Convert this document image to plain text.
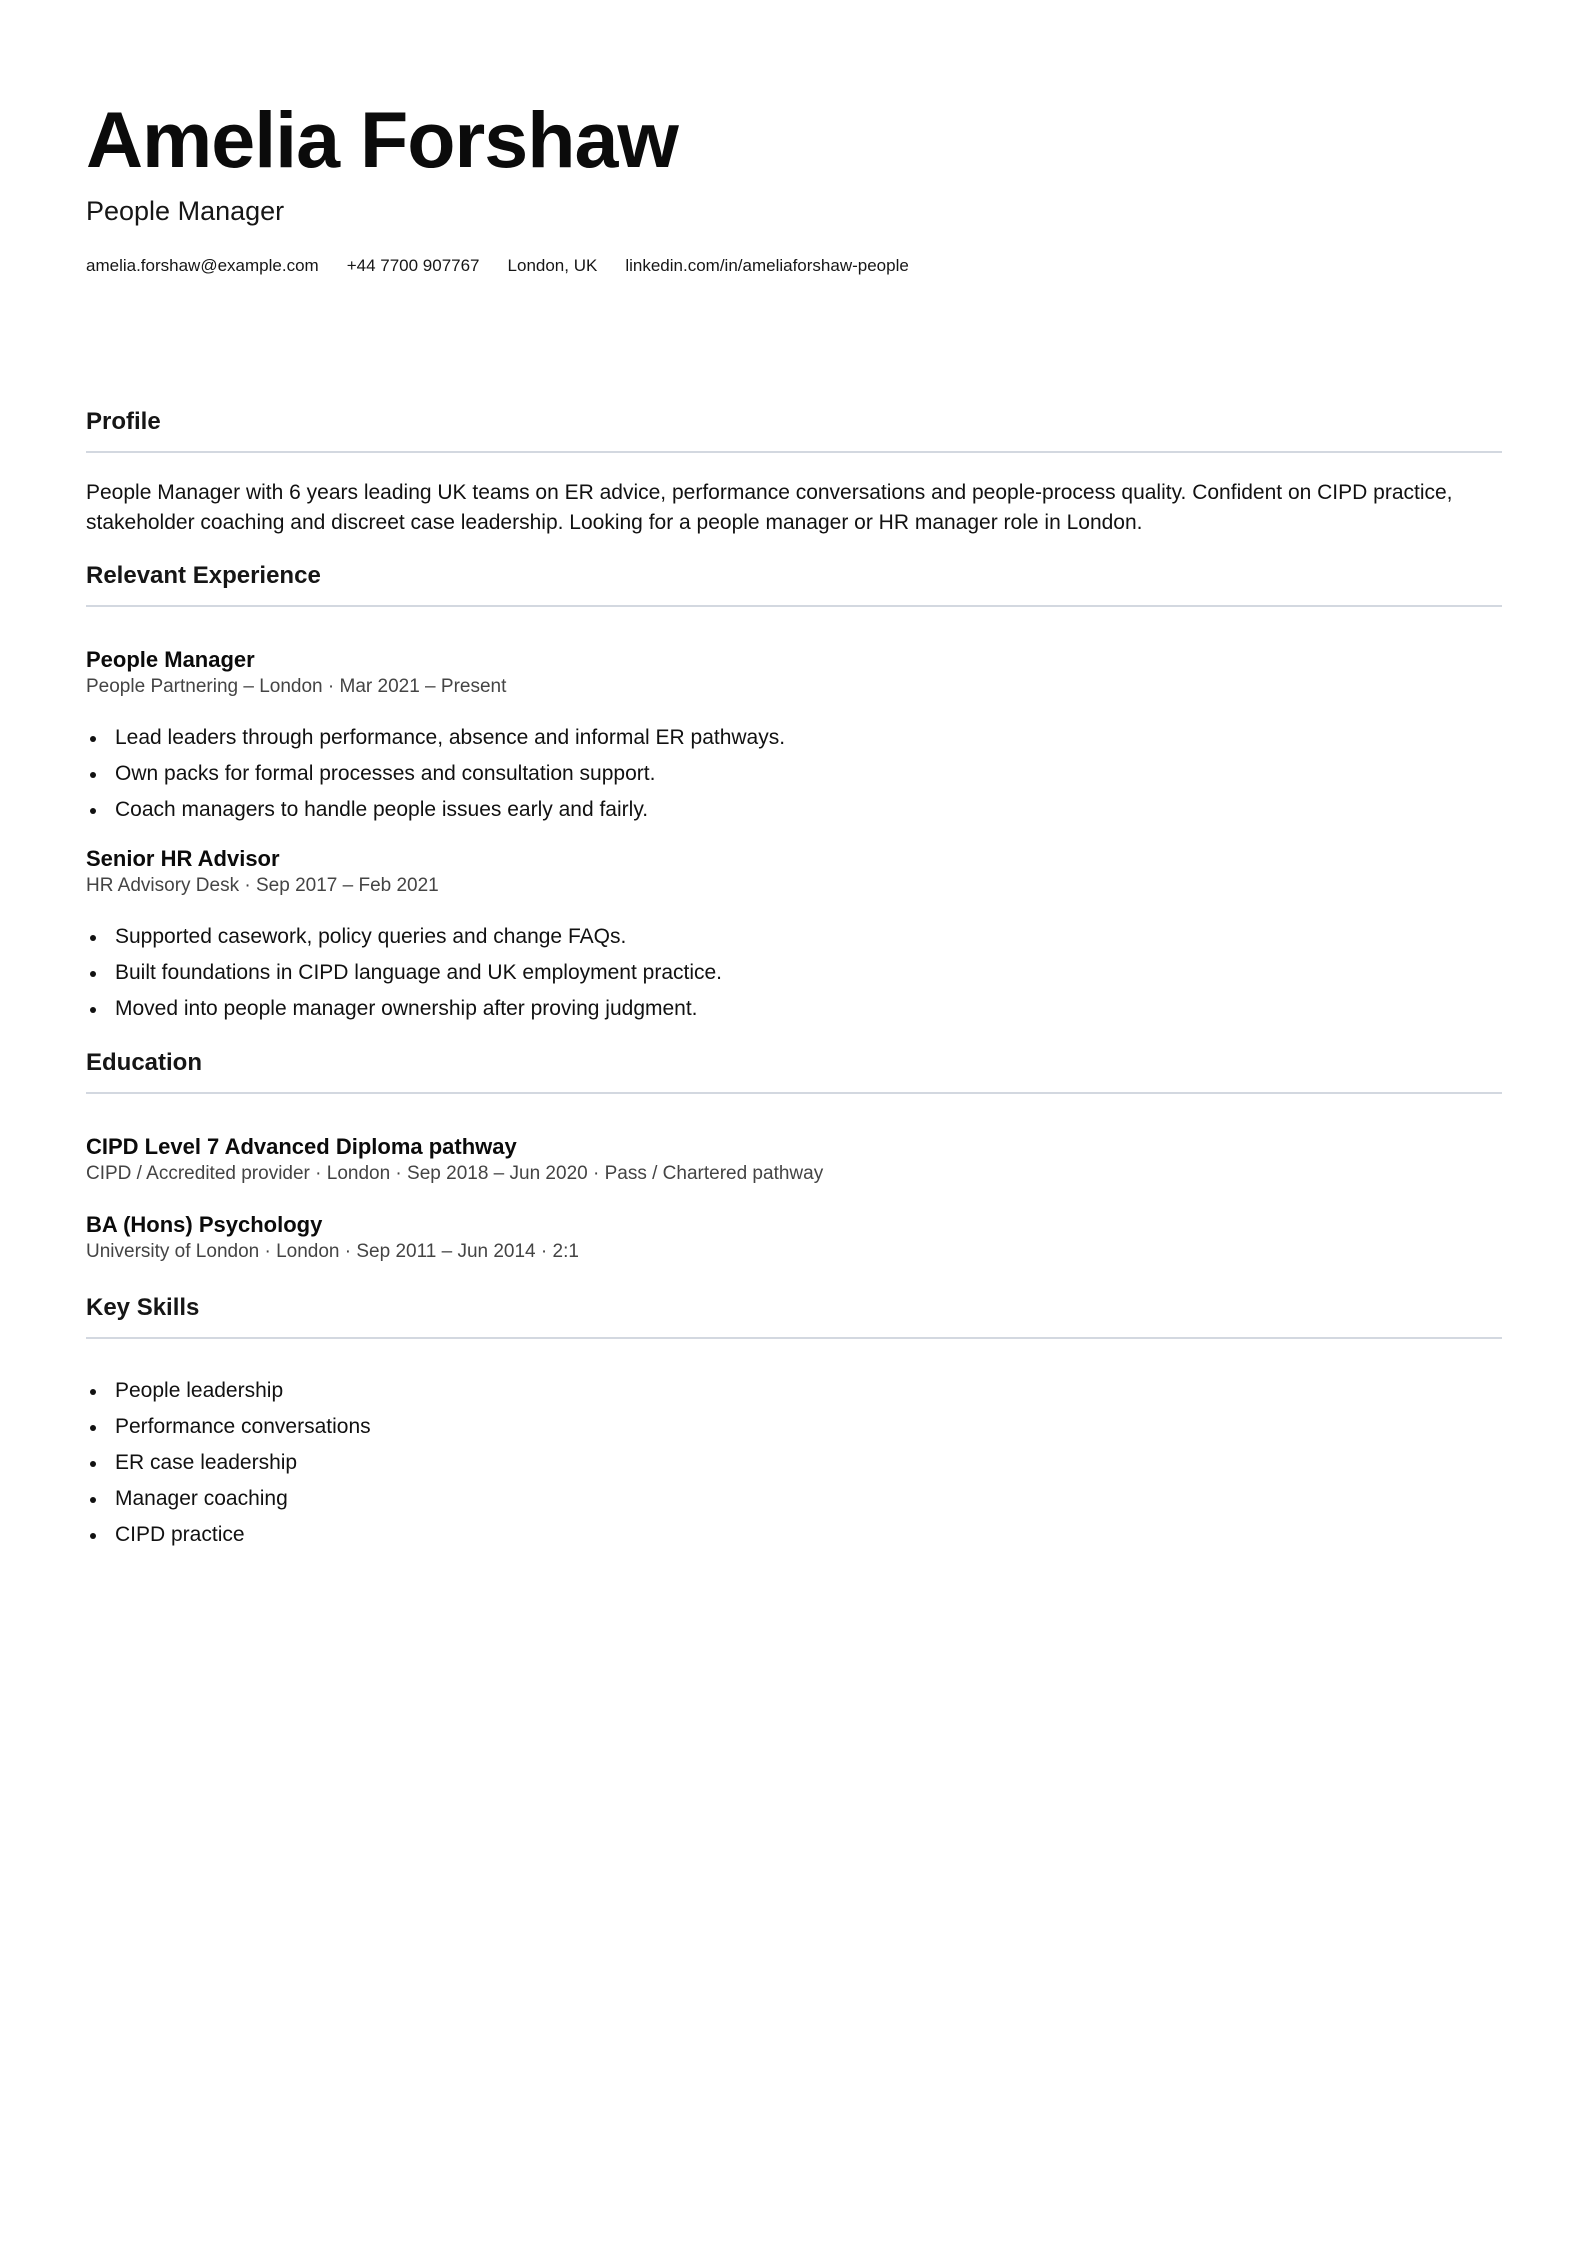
Amelia Forshaw
People Manager
amelia.forshaw@example.com +44 7700 907767 London, UK linkedin.com/in/ameliaforshaw-people
Profile
People Manager with 6 years leading UK teams on ER advice, performance conversations and people-process quality. Confident on CIPD practice, stakeholder coaching and discreet case leadership. Looking for a people manager or HR manager role in London.
Relevant Experience
People Manager
People Partnering – London · Mar 2021 – Present
Lead leaders through performance, absence and informal ER pathways.
Own packs for formal processes and consultation support.
Coach managers to handle people issues early and fairly.
Senior HR Advisor
HR Advisory Desk · Sep 2017 – Feb 2021
Supported casework, policy queries and change FAQs.
Built foundations in CIPD language and UK employment practice.
Moved into people manager ownership after proving judgment.
Education
CIPD Level 7 Advanced Diploma pathway
CIPD / Accredited provider · London · Sep 2018 – Jun 2020 · Pass / Chartered pathway
BA (Hons) Psychology
University of London · London · Sep 2011 – Jun 2014 · 2:1
Key Skills
People leadership
Performance conversations
ER case leadership
Manager coaching
CIPD practice
